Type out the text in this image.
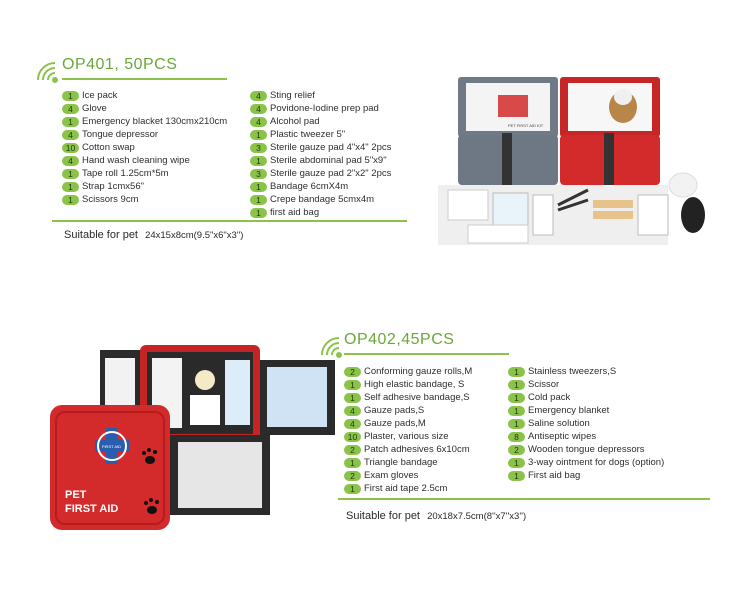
OP401, 50PCS
1 Ice pack
4 Glove
1 Emergency blacket 130cmx210cm
4 Tongue depressor
10 Cotton swap
4 Hand wash cleaning wipe
1 Tape roll 1.25cm*5m
1 Strap 1cmx56"
1 Scissors 9cm
4 Sting relief
4 Povidone-Iodine prep pad
4 Alcohol pad
1 Plastic tweezer 5"
3 Sterile gauze pad 4"x4" 2pcs
1 Sterile abdominal pad 5"x9"
3 Sterile gauze pad 2"x2" 2pcs
1 Bandage 6cmX4m
1 Crepe bandage 5cmx4m
1 first aid bag
Suitable for pet 24x15x8cm(9.5"x6"x3")
PET FIRST AID KIT
OP402,45PCS
2 Conforming gauze rolls,M
1 High elastic bandage, S
1 Self adhesive bandage,S
4 Gauze pads,S
4 Gauze pads,M
10 Plaster, various size
2 Patch adhesives 6x10cm
1 Triangle bandage
2 Exam gloves
1 First aid tape 2.5cm
1 Stainless tweezers,S
1 Scissor
1 Cold pack
1 Emergency blanket
1 Saline solution
8 Antiseptic wipes
2 Wooden tongue depressors
1 3-way ointment for dogs (option)
1 First aid bag
Suitable for pet 20x18x7.5cm(8''x7''x3'')
FIRST AID
PET
FIRST AID
